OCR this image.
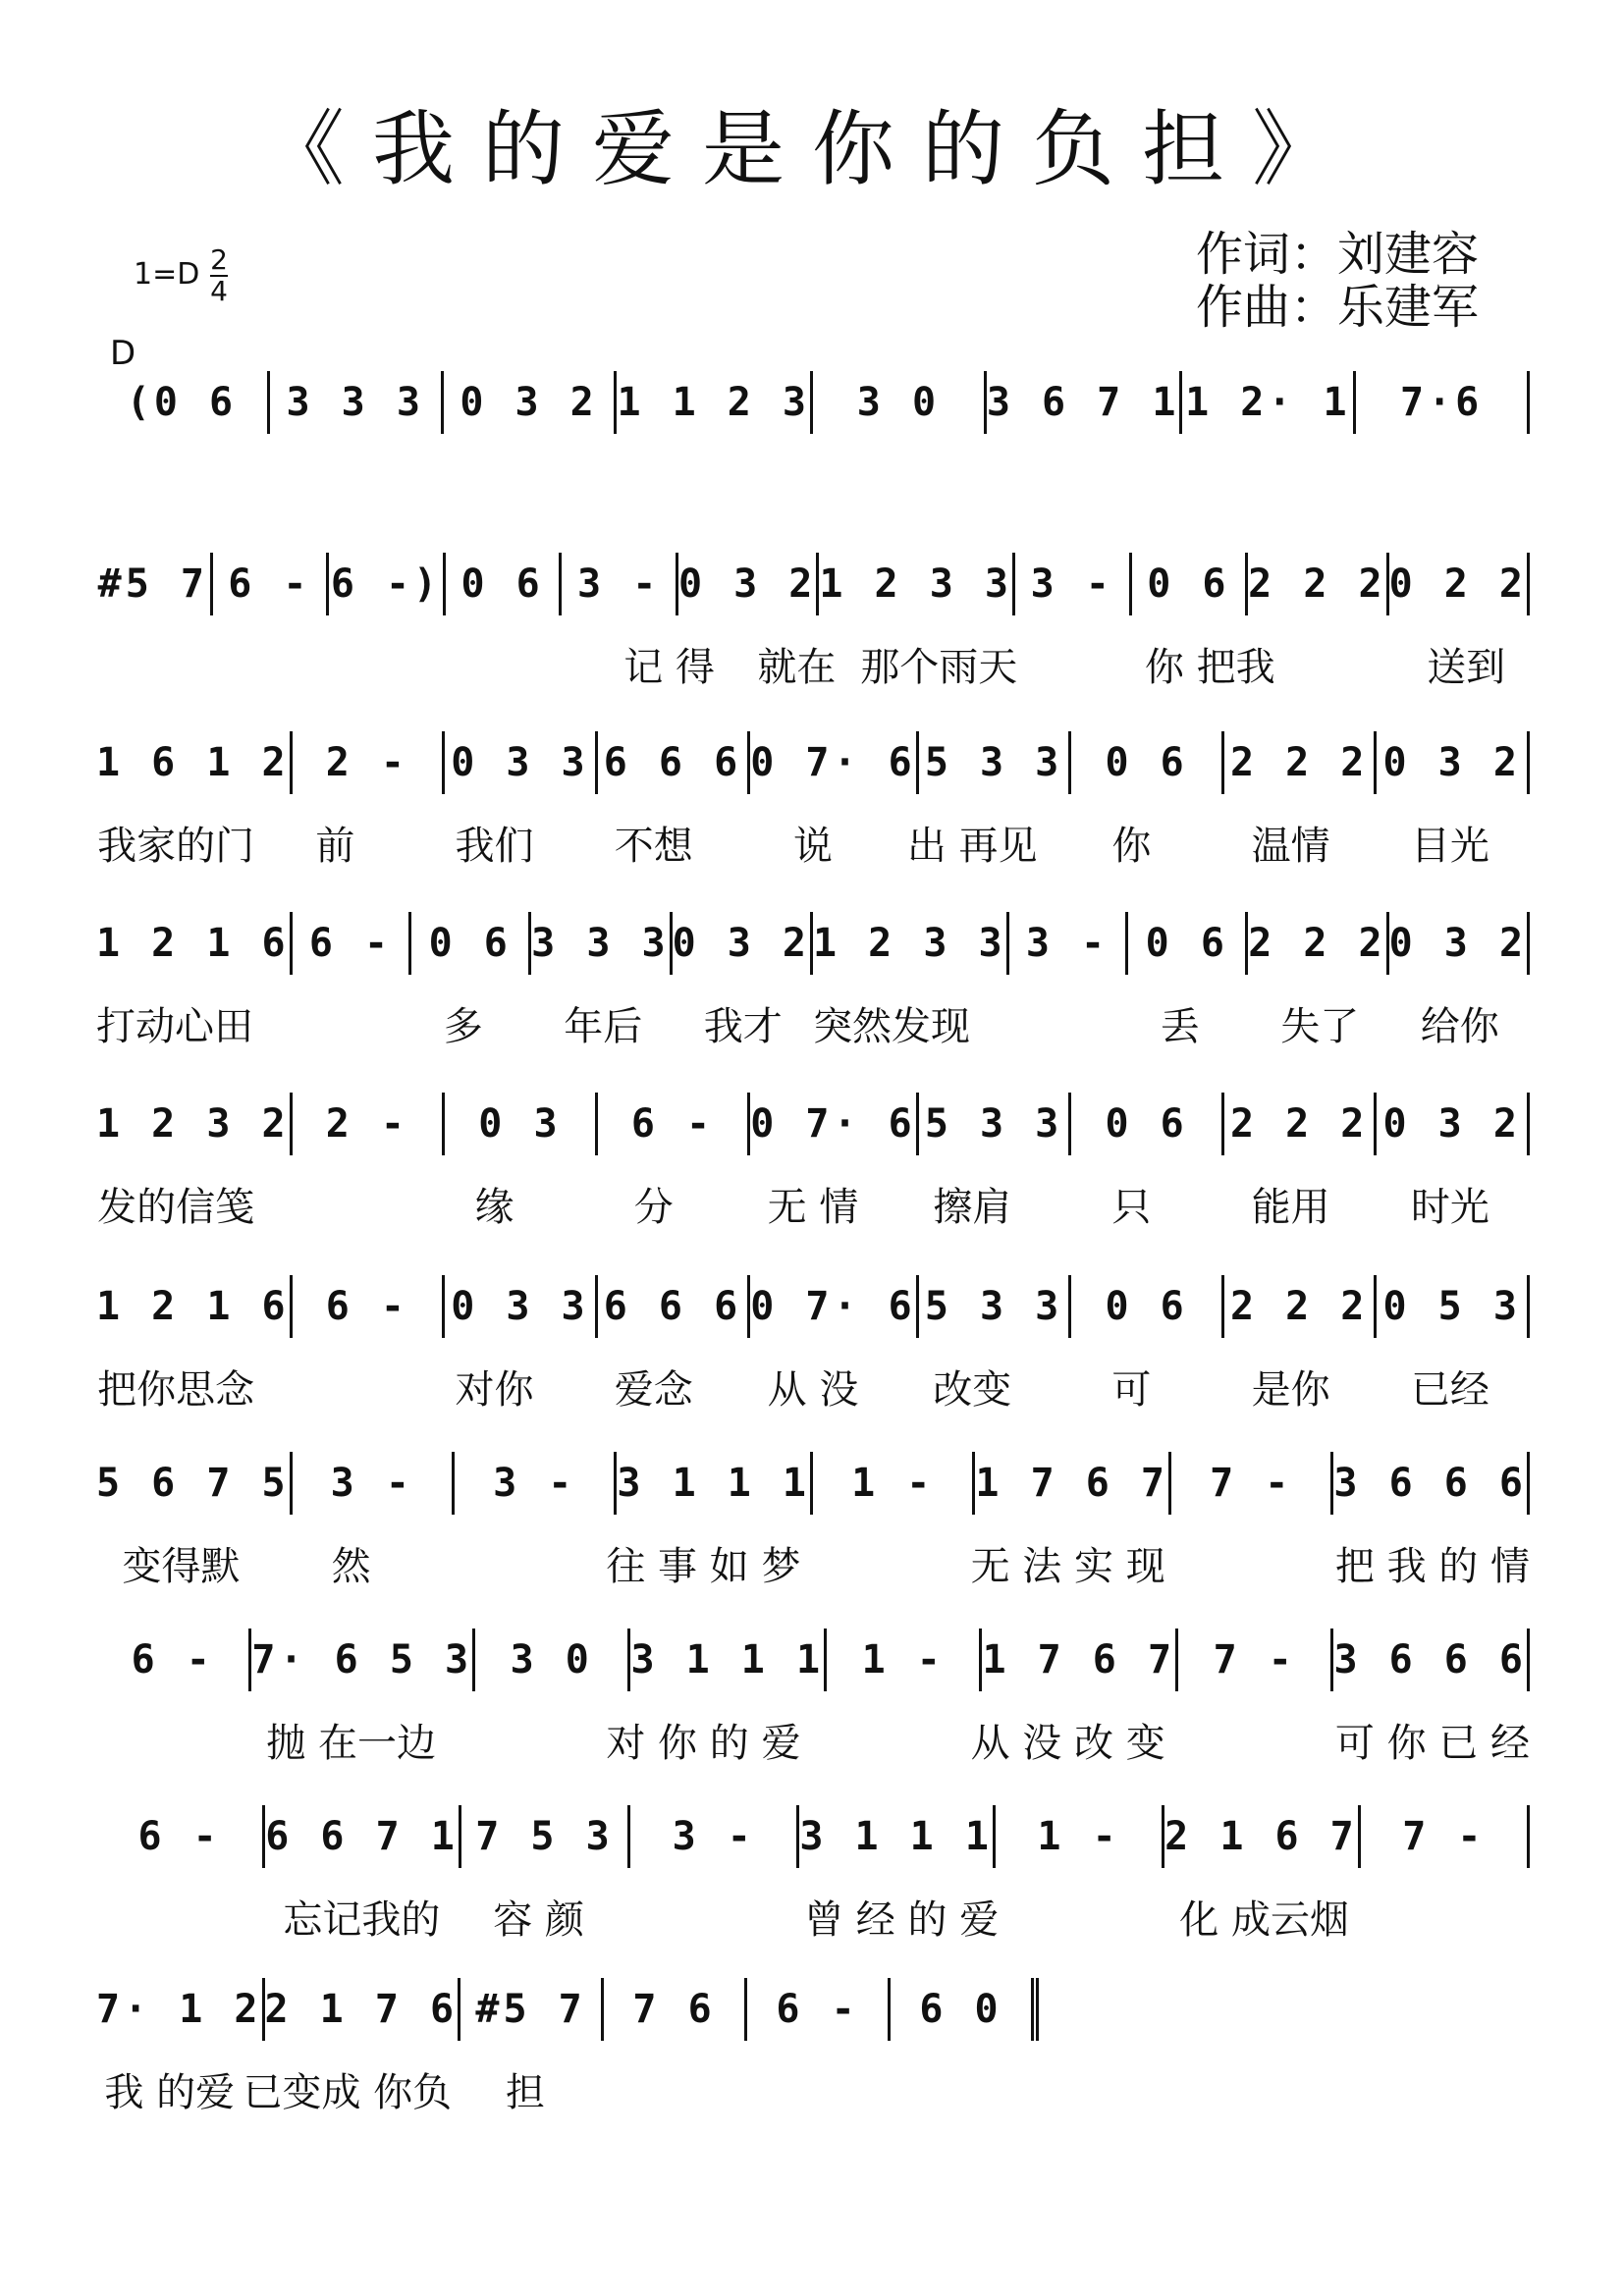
《我的爱是你的负担》
作词：刘建容
作曲：乐建军
1=D 2
4
D
(0 6	3 3 3 0 3 2 1 1 2 3	3 0	3 6 7 1 1 2· 1	7·6
#5 7 6 - 6 -) 0 6 3 - 0 3 2 1 2 3 3 3 - 0 6 2 2 2 0 2 2
记 得	就在 那个雨天	你 把我	送到
1 6 1 2 2 -	0 3 3 6 6 6 0 7· 6 5 3 3	0 6	2 2 2 0 3 2
我家的门	前	我们	不想	说	出 再见	你	温情	目光
1 2 1 6 6 - 0 6 3 3 3 0 3 2 1 2 3 3 3 - 0 6 2 2 2 0 3 2
打动心田	多	年后	我才 突然发现	丢	失了	给你
1 2 3 2 2 -	0 3	6 - 0 7· 6 5 3 3	0 6	2 2 2 0 3 2
发的信笺	缘	分	无 情	擦肩	只	能用	时光
1 2 1 6 6 -	0 3 3 6 6 6 0 7· 6 5 3 3	0 6	2 2 2 0 5 3
把你思念	对你	爱念	从 没	改变	可	是你	已经
5 6 7 5	3 -	3 -	3 1 1 1	1 -	1 7 6 7	7 -	3 6 6 6
变得默	然	往 事 如 梦	无 法 实 现	把 我 的 情
6 - 7· 6 5 3 3 0 3 1 1 1 1 - 1 7 6 7 7 - 3 6 6 6
抛 在一边	对 你 的 爱	从 没 改 变	可 你 已 经
6 -	6 6 7 1 7 5 3	3 -	3 1 1 1	1 -	2 1 6 7	7 -
忘记我的	容 颜	曾 经 的 爱	化 成云烟
7· 1 2 2 1 7 6 #5 7	7 6	6 -	6 0
我 的爱 已变成 你负	担
